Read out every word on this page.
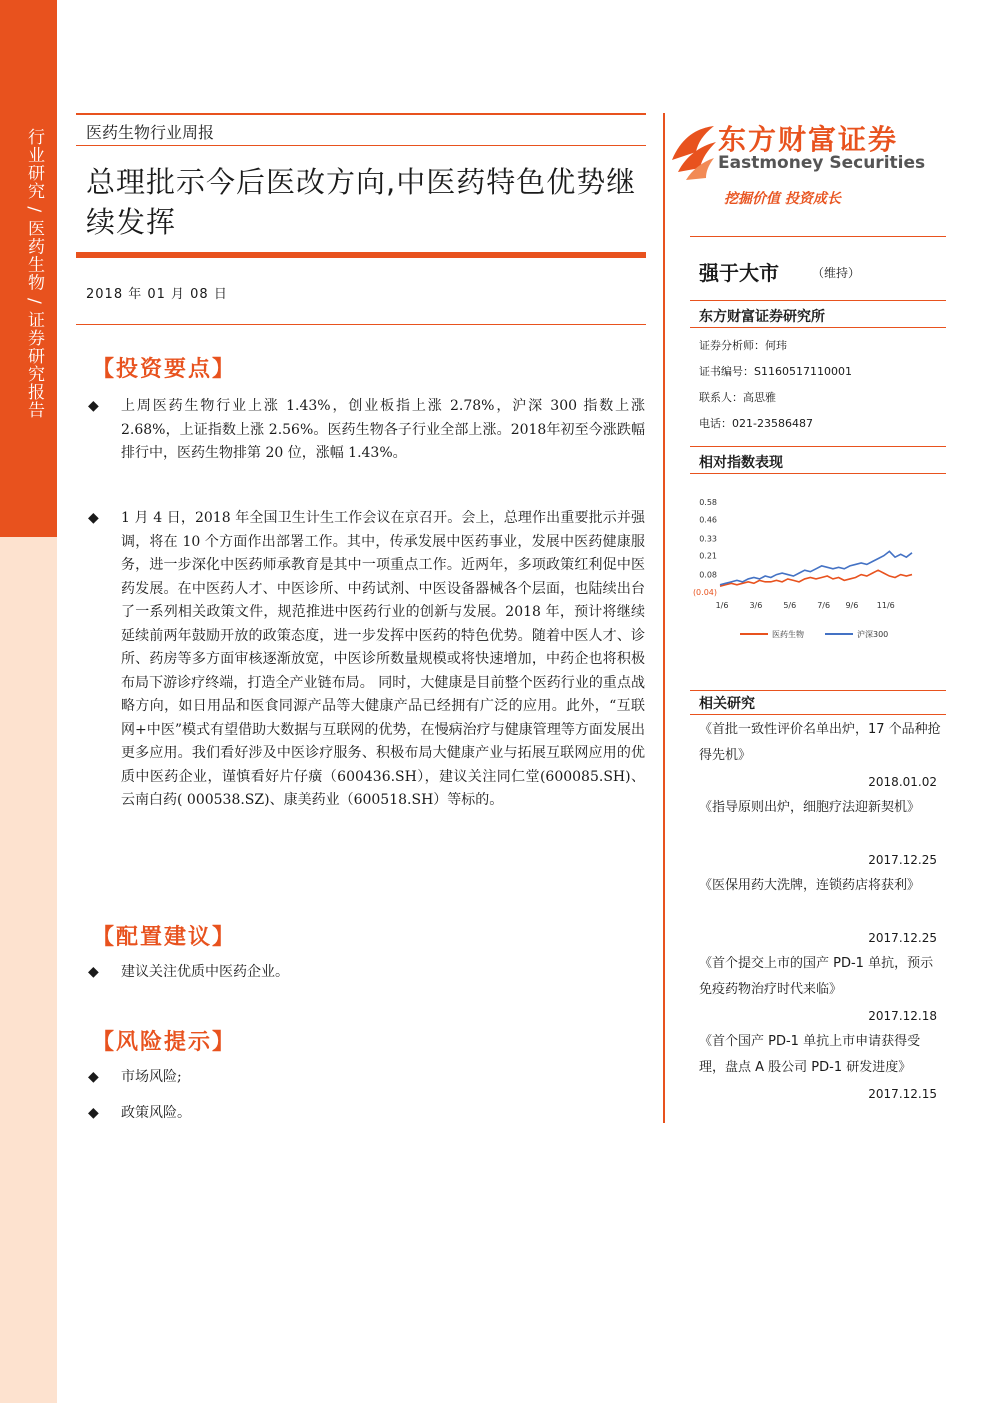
行业研究 / 医药生物 / 证券研究报告	医药生物行业周报
总理批示今后医改方向,中医药特色优势继续发挥
2018 年 01 月 08 日
【投资要点】
◆ 上周医药生物行业上涨 1.43%，创业板指上涨 2.78%，沪深 300 指数上涨 2.68%，上证指数上涨 2.56%。医药生物各子行业全部上涨。2018年初至今涨跌幅排行中，医药生物排第 20 位，涨幅 1.43%。
◆ 1 月 4 日，2018 年全国卫生计生工作会议在京召开。会上，总理作出重要批示并强调，将在 10 个方面作出部署工作。其中，传承发展中医药事业，发展中医药健康服务，进一步深化中医药师承教育是其中一项重点工作。近两年，多项政策红利促中医药发展。在中医药人才、中医诊所、中药试剂、中医设备器械各个层面，也陆续出台了一系列相关政策文件，规范推进中医药行业的创新与发展。2018 年，预计将继续延续前两年鼓励开放的政策态度，进一步发挥中医药的特色优势。随着中医人才、诊所、药房等多方面审核逐渐放宽，中医诊所数量规模或将快速增加，中药企也将积极布局下游诊疗终端，打造全产业链布局。 同时，大健康是目前整个医药行业的重点战略方向，如日用品和医食同源产品等大健康产品已经拥有广泛的应用。此外，“互联网+中医”模式有望借助大数据与互联网的优势，在慢病治疗与健康管理等方面发展出更多应用。我们看好涉及中医诊疗服务、积极布局大健康产业与拓展互联网应用的优质中医药企业，谨慎看好片仔癀（600436.SH），建议关注同仁堂(600085.SH)、云南白药( 000538.SZ)、康美药业（600518.SH）等标的。
【配置建议】
◆ 建议关注优质中医药企业。
【风险提示】
◆ 市场风险;
◆ 政策风险。
东方财富证券
Eastmoney Securities
挖掘价值 投资成长
强于大市	（维持）
东方财富证券研究所
证券分析师：何玮
证书编号：S1160517110001
联系人：高思雅
电话：021-23586487
相对指数表现
0.58
0.46
0.33
0.21
0.08
(0.04)
1/6	3/6	5/6	7/6 9/6 11/6
医药生物	沪深300
相关研究
《首批一致性评价名单出炉，17 个品种抢得先机》
2018.01.02
《指导原则出炉，细胞疗法迎新契机》
2017.12.25
《医保用药大洗牌，连锁药店将获利》
2017.12.25
《首个提交上市的国产 PD-1 单抗，预示免疫药物治疗时代来临》
2017.12.18
《首个国产 PD-1 单抗上市申请获得受理，盘点 A 股公司 PD-1 研发进度》
2017.12.15
